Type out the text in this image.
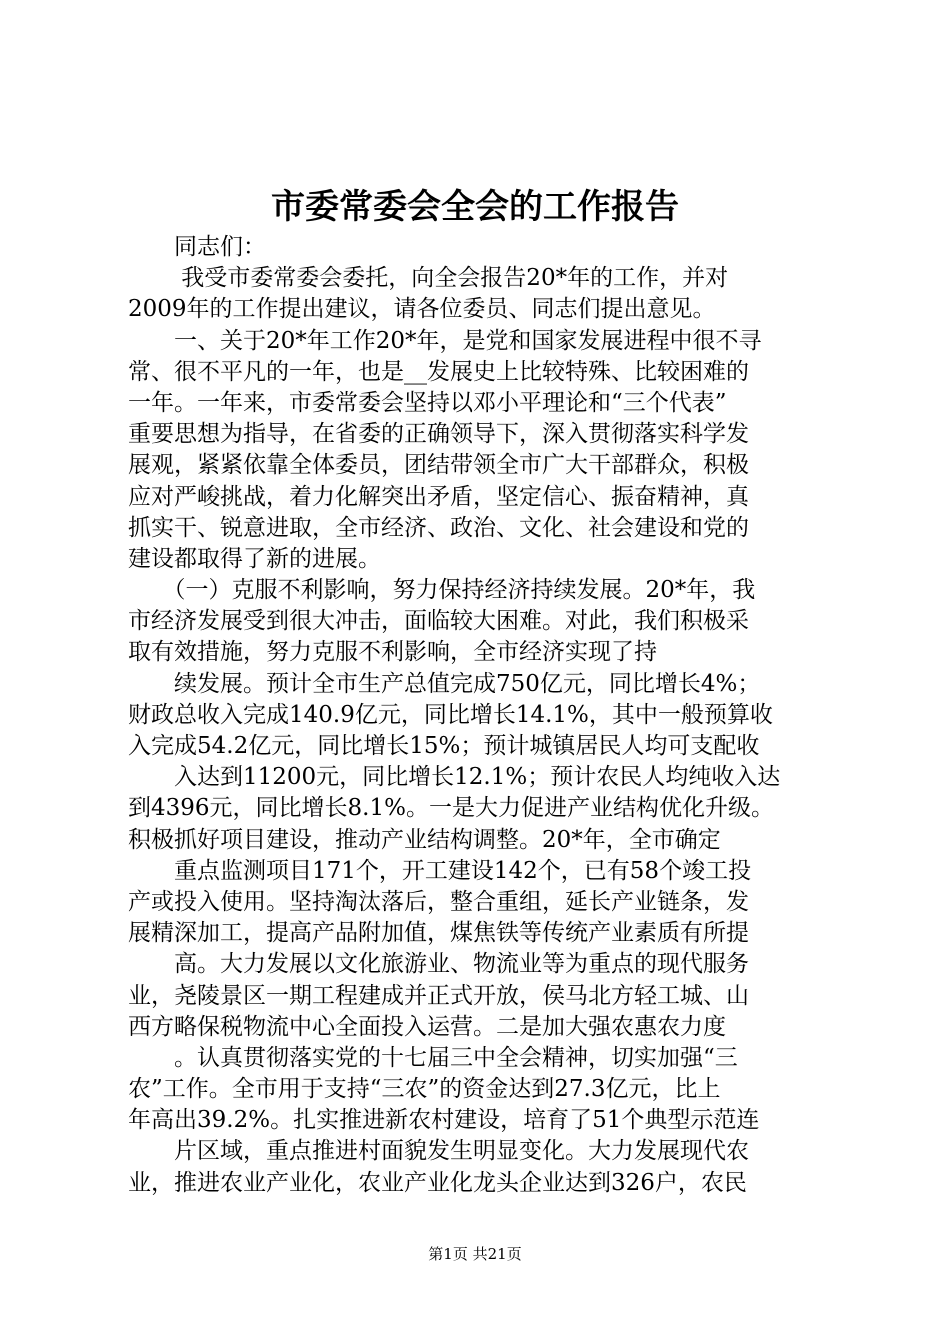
市委常委会全会的工作报告
　　同志们：
　　 我受市委常委会委托，向全会报告20*年的工作，并对
2009年的工作提出建议，请各位委员、同志们提出意见。
　　一、关于20*年工作20*年，是党和国家发展进程中很不寻
常、很不平凡的一年，也是__发展史上比较特殊、比较困难的
一年。一年来，市委常委会坚持以邓小平理论和“三个代表”
重要思想为指导，在省委的正确领导下，深入贯彻落实科学发
展观，紧紧依靠全体委员，团结带领全市广大干部群众，积极
应对严峻挑战，着力化解突出矛盾，坚定信心、振奋精神，真
抓实干、锐意进取，全市经济、政治、文化、社会建设和党的
建设都取得了新的进展。
　　（一）克服不利影响，努力保持经济持续发展。20*年，我
市经济发展受到很大冲击，面临较大困难。对此，我们积极采
取有效措施，努力克服不利影响，全市经济实现了持
　　续发展。预计全市生产总值完成750亿元，同比增长4%；
财政总收入完成140.9亿元，同比增长14.1%，其中一般预算收
入完成54.2亿元，同比增长15%；预计城镇居民人均可支配收
　　入达到11200元，同比增长12.1%；预计农民人均纯收入达
到4396元，同比增长8.1%。一是大力促进产业结构优化升级。
积极抓好项目建设，推动产业结构调整。20*年，全市确定
　　重点监测项目171个，开工建设142个，已有58个竣工投
产或投入使用。坚持淘汰落后，整合重组，延长产业链条，发
展精深加工，提高产品附加值，煤焦铁等传统产业素质有所提
　　高。大力发展以文化旅游业、物流业等为重点的现代服务
业，尧陵景区一期工程建成并正式开放，侯马北方轻工城、山
西方略保税物流中心全面投入运营。二是加大强农惠农力度
　　。认真贯彻落实党的十七届三中全会精神，切实加强“三
农”工作。全市用于支持“三农”的资金达到27.3亿元，比上
年高出39.2%。扎实推进新农村建设，培育了51个典型示范连
　　片区域，重点推进村面貌发生明显变化。大力发展现代农
业，推进农业产业化，农业产业化龙头企业达到326户，农民
第1页 共21页
